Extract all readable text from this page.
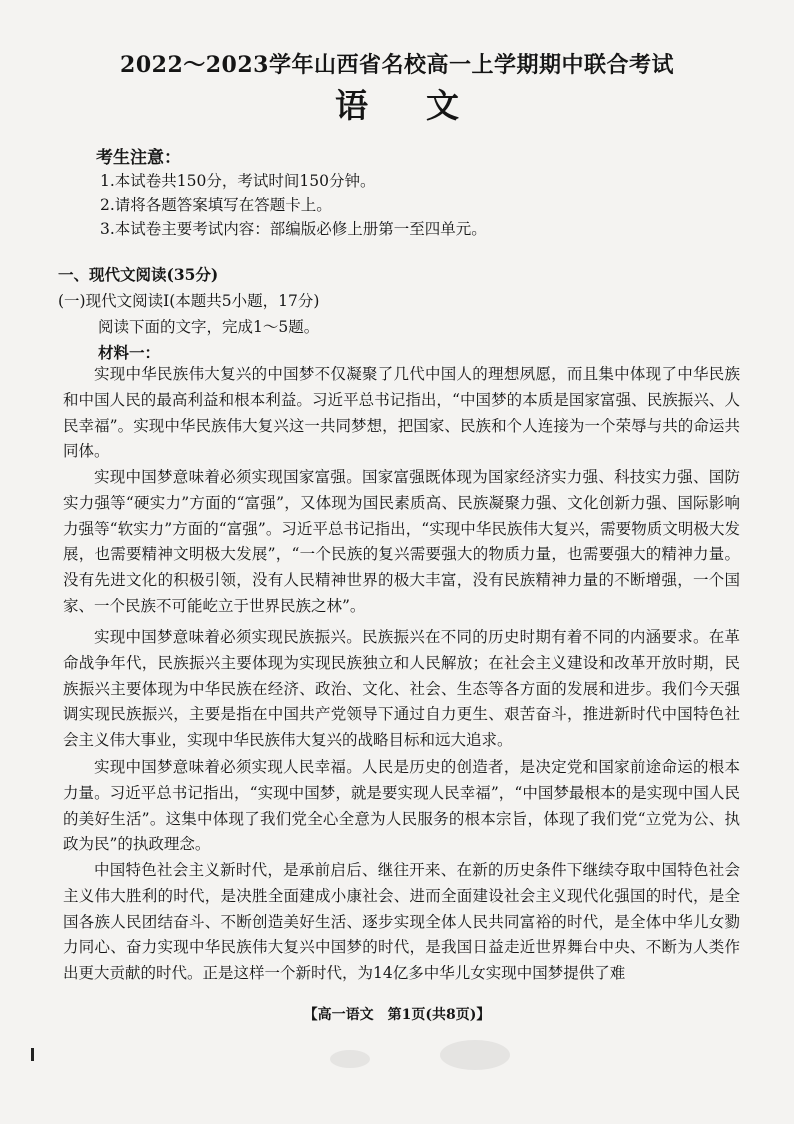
2022～2023学年山西省名校高一上学期期中联合考试
语文
考生注意：
1.本试卷共150分，考试时间150分钟。
2.请将各题答案填写在答题卡上。
3.本试卷主要考试内容：部编版必修上册第一至四单元。
一、现代文阅读(35分)
(一)现代文阅读Ⅰ(本题共5小题，17分)
阅读下面的文字，完成1～5题。
材料一：

实现中华民族伟大复兴的中国梦不仅凝聚了几代中国人的理想夙愿，而且集中体现了中华民族和中国人民的最高利益和根本利益。习近平总书记指出，“中国梦的本质是国家富强、民族振兴、人民幸福”。实现中华民族伟大复兴这一共同梦想，把国家、民族和个人连接为一个荣辱与共的命运共同体。

实现中国梦意味着必须实现国家富强。国家富强既体现为国家经济实力强、科技实力强、国防实力强等“硬实力”方面的“富强”，又体现为国民素质高、民族凝聚力强、文化创新力强、国际影响力强等“软实力”方面的“富强”。习近平总书记指出，“实现中华民族伟大复兴，需要物质文明极大发展，也需要精神文明极大发展”，“一个民族的复兴需要强大的物质力量，也需要强大的精神力量。没有先进文化的积极引领，没有人民精神世界的极大丰富，没有民族精神力量的不断增强，一个国家、一个民族不可能屹立于世界民族之林”。

实现中国梦意味着必须实现民族振兴。民族振兴在不同的历史时期有着不同的内涵要求。在革命战争年代，民族振兴主要体现为实现民族独立和人民解放；在社会主义建设和改革开放时期，民族振兴主要体现为中华民族在经济、政治、文化、社会、生态等各方面的发展和进步。我们今天强调实现民族振兴，主要是指在中国共产党领导下通过自力更生、艰苦奋斗，推进新时代中国特色社会主义伟大事业，实现中华民族伟大复兴的战略目标和远大追求。

实现中国梦意味着必须实现人民幸福。人民是历史的创造者，是决定党和国家前途命运的根本力量。习近平总书记指出，“实现中国梦，就是要实现人民幸福”，“中国梦最根本的是实现中国人民的美好生活”。这集中体现了我们党全心全意为人民服务的根本宗旨，体现了我们党“立党为公、执政为民”的执政理念。

中国特色社会主义新时代，是承前启后、继往开来、在新的历史条件下继续夺取中国特色社会主义伟大胜利的时代，是决胜全面建成小康社会、进而全面建设社会主义现代化强国的时代，是全国各族人民团结奋斗、不断创造美好生活、逐步实现全体人民共同富裕的时代，是全体中华儿女勠力同心、奋力实现中华民族伟大复兴中国梦的时代，是我国日益走近世界舞台中央、不断为人类作出更大贡献的时代。正是这样一个新时代，为14亿多中华儿女实现中国梦提供了难

【高一语文　第1页(共8页)】
